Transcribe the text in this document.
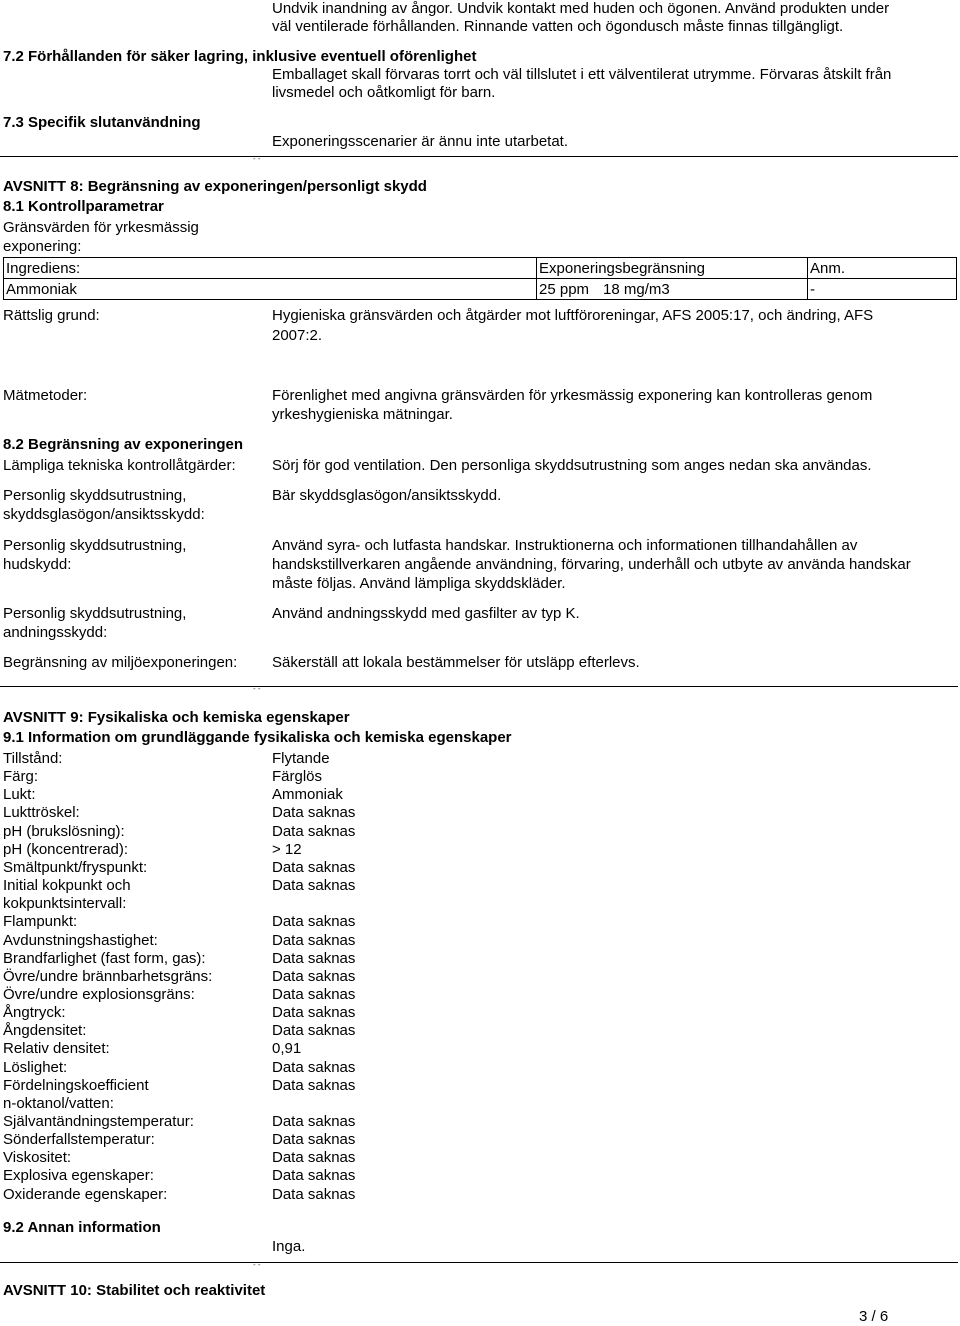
Undvik inandning av ångor. Undvik kontakt med huden och ögonen. Använd produkten under
väl ventilerade förhållanden. Rinnande vatten och ögondusch måste finnas tillgängligt.
7.2 Förhållanden för säker lagring, inklusive eventuell oförenlighet
Emballaget skall förvaras torrt och väl tillslutet i ett välventilerat utrymme. Förvaras åtskilt från
livsmedel och oåtkomligt för barn.
7.3 Specifik slutanvändning
Exponeringsscenarier är ännu inte utarbetat.
- -
AVSNITT 8: Begränsning av exponeringen/personligt skydd
8.1 Kontrollparametrar
Gränsvärden för yrkesmässig
exponering:
Ingrediens:	Exponeringsbegränsning	Anm.
Ammoniak	25 ppm 18 mg/m3	-
Rättslig grund:	Hygieniska gränsvärden och åtgärder mot luftföroreningar, AFS 2005:17, och ändring, AFS
2007:2.
Mätmetoder:	Förenlighet med angivna gränsvärden för yrkesmässig exponering kan kontrolleras genom
yrkeshygieniska mätningar.
8.2 Begränsning av exponeringen
Lämpliga tekniska kontrollåtgärder: Sörj för god ventilation. Den personliga skyddsutrustning som anges nedan ska användas.
Personlig skyddsutrustning,
skyddsglasögon/ansiktsskydd:
Bär skyddsglasögon/ansiktsskydd.
Personlig skyddsutrustning,
hudskydd:
Använd syra- och lutfasta handskar. Instruktionerna och informationen tillhandahållen av
handskstillverkaren angående användning, förvaring, underhåll och utbyte av använda handskar
måste följas. Använd lämpliga skyddskläder.
Personlig skyddsutrustning,
andningsskydd:
Använd andningsskydd med gasfilter av typ K.
Begränsning av miljöexponeringen: Säkerställ att lokala bestämmelser för utsläpp efterlevs.
- -
AVSNITT 9: Fysikaliska och kemiska egenskaper
9.1 Information om grundläggande fysikaliska och kemiska egenskaper
Tillstånd:	Flytande
Färg:	Färglös
Lukt:	Ammoniak
Lukttröskel:	Data saknas
pH (bruksl​ösning):	Data saknas
pH (koncentrerad):	> 12
Smältpunkt/fryspunkt:	Data saknas
Initial kokpunkt och	Data saknas
kokpunktsintervall:
Flampunkt:	Data saknas
Avdunstningshastighet:	Data saknas
Brandfarlighet (fast form, gas):	Data saknas
Övre/undre brännbarhetsgräns:	Data saknas
Övre/undre explosionsgräns:	Data saknas
Ångtryck:	Data saknas
Ångdensitet:	Data saknas
Relativ densitet:	0,91
Löslighet:	Data saknas
Fördelningskoefficient	Data saknas
n-oktanol/vatten:
Självantändningstemperatur:	Data saknas
Sönderfallstemperatur:	Data saknas
Viskositet:	Data saknas
Explosiva egenskaper:	Data saknas
Oxiderande egenskaper:	Data saknas
9.2 Annan information
Inga.
- -
AVSNITT 10: Stabilitet och reaktivitet
3 / 6
